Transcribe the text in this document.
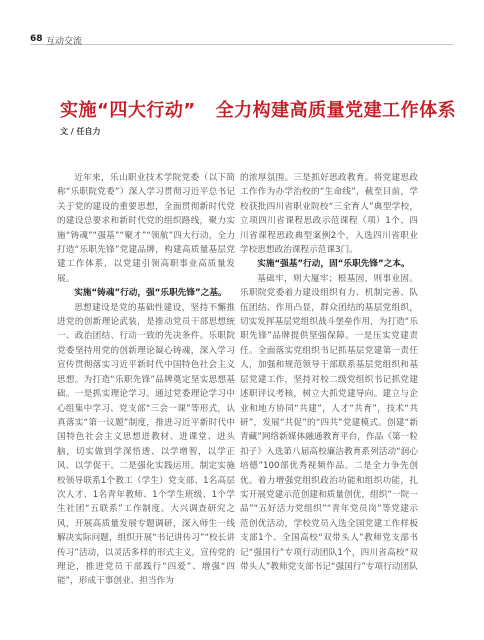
68 互动交流
实施“四大行动” 全力构建高质量党建工作体系
文 / 任自力

近年来，乐山职业技术学院党委（以下简称“乐职院党委”）深入学习贯彻习近平总书记关于党的建设的重要思想，全面贯彻新时代党的建设总要求和新时代党的组织路线，聚力实施“铸魂”“强基”“聚才”“领航”四大行动，全力打造“乐职先锋”党建品牌，构建高质量基层党建工作体系，以党建引领高职事业高质量发展。

实施“铸魂”行动，强“乐职先锋”之基。

思想建设是党的基础性建设，坚持不懈推进党的创新理论武装，是推动党员干部思想统一、政治团结、行动一致的先决条件。乐职院党委坚持用党的创新理论凝心铸魂，深入学习宣传贯彻落实习近平新时代中国特色社会主义思想。为打造“乐职先锋”品牌奠定坚实思想基础。一是抓实理论学习。通过党委理论学习中心组集中学习、党支部“三会一课”等形式，认真落实“第一议题”制度，推进习近平新时代中国特色社会主义思想进教材、进课堂、进头脑，切实做到学深悟透、以学增智，以学正风、以学促干。二是强化实践运用。制定实施校领导联系1个教工（学生）党支部、1名高层次人才、1名青年教师、1个学生班级、1个学生社团“五联系”工作制度。大兴调查研究之风，开展高质量发展专题调研，深入师生一线解决实际问题，组织开展“书记讲传习”“校长讲传习”活动，以灵活多样的形式主义，宣传党的理论，推进党员干部践行“四爱”、增强“四能”，形成干事创业、担当作为

的浓厚氛围。三是抓好思政教育。将党建思政工作作为办学治校的“生命线”，截至目前，学校获批四川省职业院校“三全育人”典型学校，立项四川省课程思政示范课程（项）1个、四川省课程思政典型案例2个，入选四川省职业学校思想政治课程示范课3门。

实施“强基”行动，固“乐职先锋”之本。

基础牢，则大厦牢；根基固，则事业固。乐职院党委着力建设组织有力、机制完善、队伍团结、作用凸显，群众团结的基层党组织，切实发挥基层党组织战斗堡垒作用，为打造“乐职先锋”品牌提供坚强保障。一是压实党建责任。全面落实党组织书记抓基层党建第一责任人，加强和规范领导干部联系基层党组织和基层党建工作，坚持对校二级党组织书记抓党建述职评议考核，树立大抓党建导向。建立与企业和地方协同“共建”，人才“共育”，技术“共研”，发展“共促”的“四共”党建模式。创建“新青藏”网络新媒体融通教育平台，作品《第一粒扣子》入选第八届高校廉洁教育系列活动“润心培德”100部优秀视频作品。二是全力争先创优。着力增强党组织政治功能和组织功能，扎实开展党建示范创建和质量创优，组织“一院一品”“五好活力党组织”“青年党员岗”等党建示范创优活动，学校党员入选全国党建工作样板支部1个、全国高校“双带头人”教师党支部书记“强国行”专项行动团队1个，四川省高校“双带头人”教师党支部书记“强国行”专项行动团队
